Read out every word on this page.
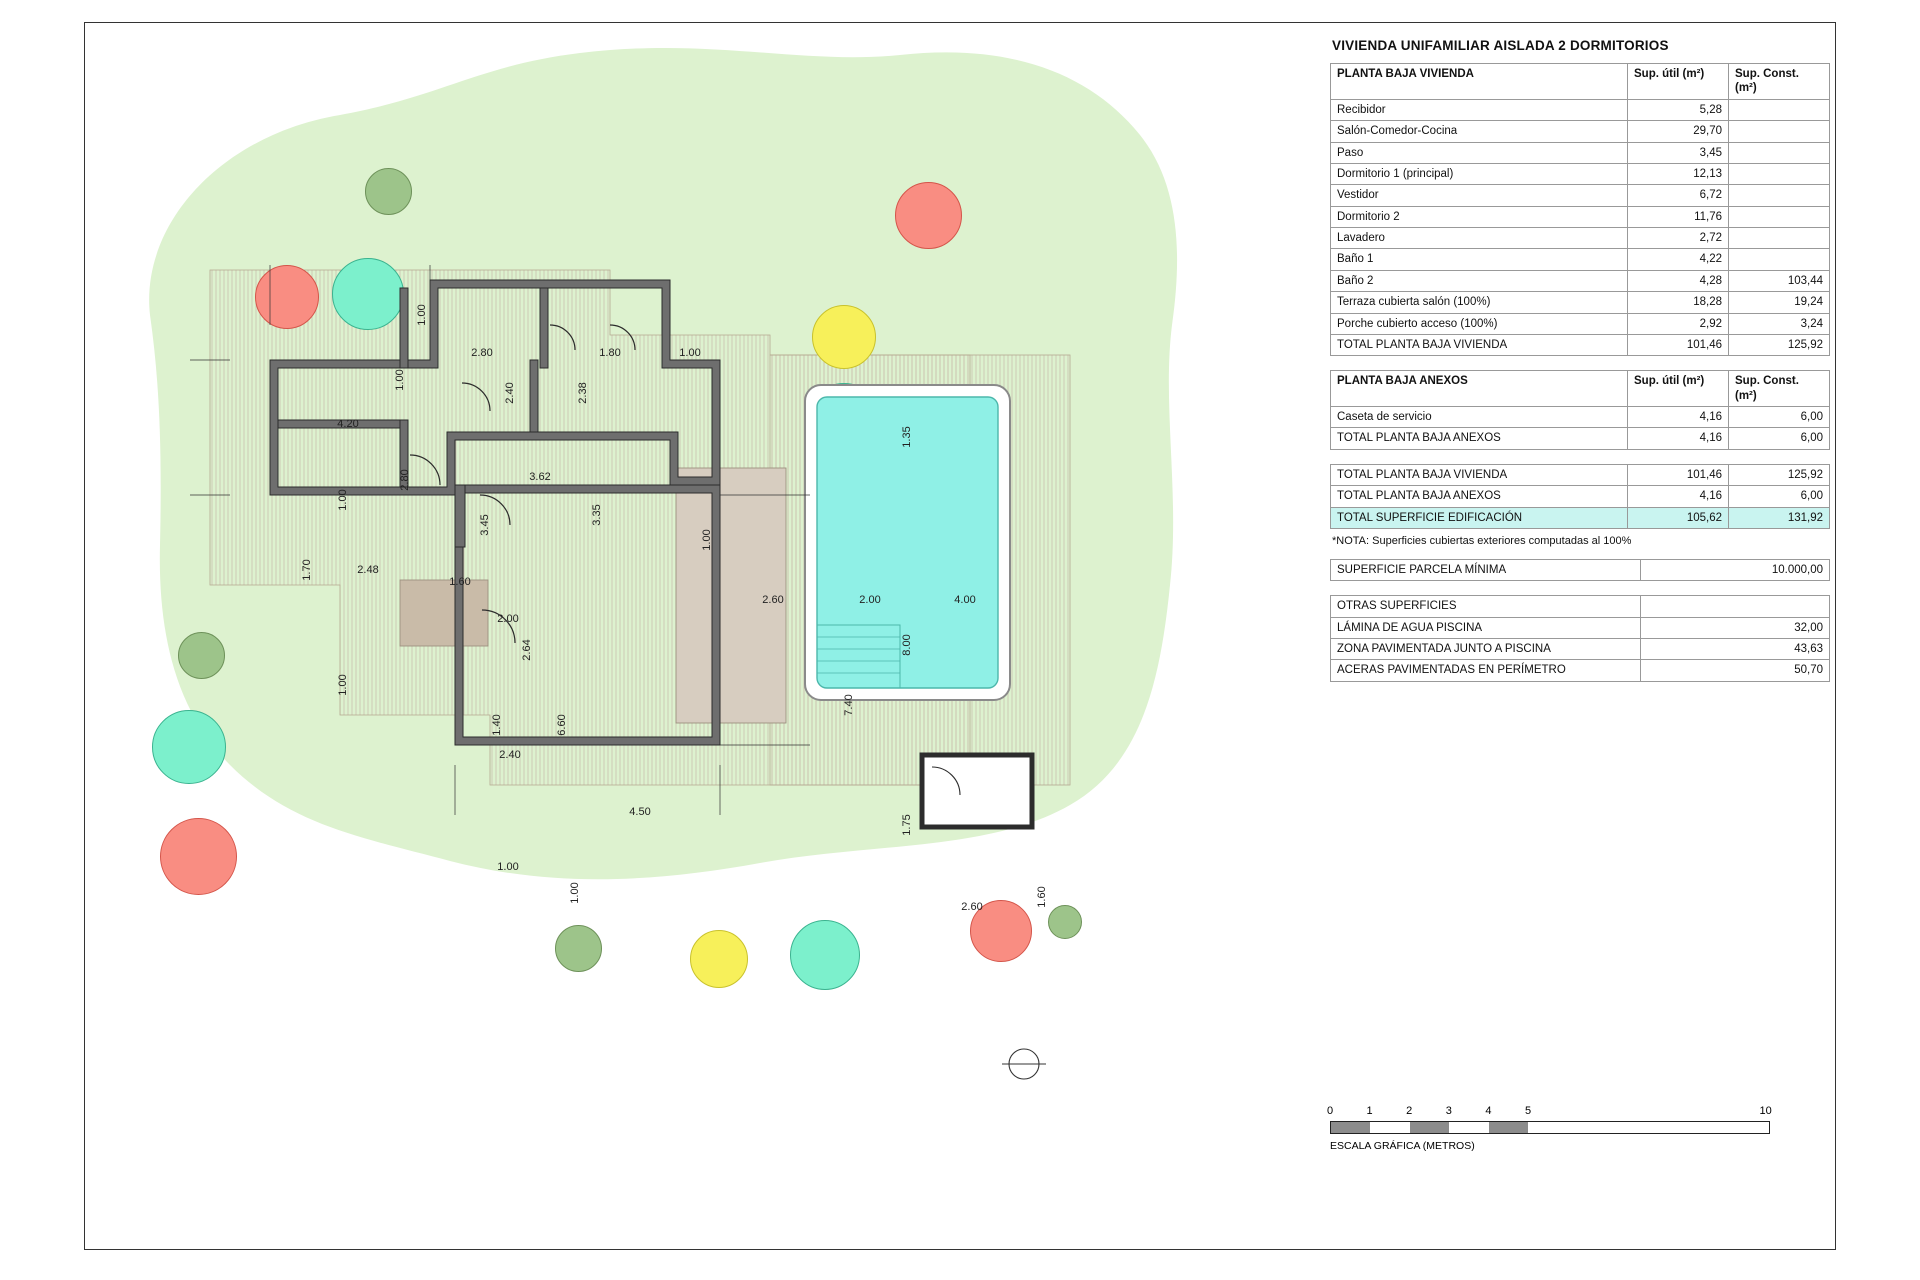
1.00
1.00
1.00
1.00
2.80	1.80	1.00
2.40	2.38
4.20
2.80	3.62
3.45	3.35
1.70	2.48
1.60
2.00
2.64
1.40
2.40
6.60
4.50
1.00
1.00
1.00
2.60	2.00	4.00
1.35
8.00
7.40
1.75
2.60	1.60
VIVIENDA UNIFAMILIAR AISLADA 2 DORMITORIOS
PLANTA BAJA VIVIENDA	Sup. útil (m²)	Sup. Const. (m²)
Recibidor	5,28	
Salón-Comedor-Cocina	29,70	
Paso	3,45	
Dormitorio 1 (principal)	12,13	
Vestidor	6,72	
Dormitorio 2	11,76	
Lavadero	2,72	
Baño 1	4,22	
Baño 2	4,28	103,44
Terraza cubierta salón (100%)	18,28	19,24
Porche cubierto acceso (100%)	2,92	3,24
TOTAL PLANTA BAJA VIVIENDA	101,46	125,92
PLANTA BAJA ANEXOS	Sup. útil (m²)	Sup. Const. (m²)
Caseta de servicio	4,16	6,00
TOTAL PLANTA BAJA ANEXOS	4,16	6,00
TOTAL PLANTA BAJA VIVIENDA	101,46	125,92
TOTAL PLANTA BAJA ANEXOS	4,16	6,00
TOTAL SUPERFICIE EDIFICACIÓN	105,62	131,92
*NOTA: Superficies cubiertas exteriores computadas al 100%
SUPERFICIE PARCELA MÍNIMA	10.000,00
OTRAS SUPERFICIES	
LÁMINA DE AGUA PISCINA	32,00
ZONA PAVIMENTADA JUNTO A PISCINA	43,63
ACERAS PAVIMENTADAS EN PERÍMETRO	50,70
0	1	2	3	4	5	10
ESCALA GRÁFICA (METROS)
